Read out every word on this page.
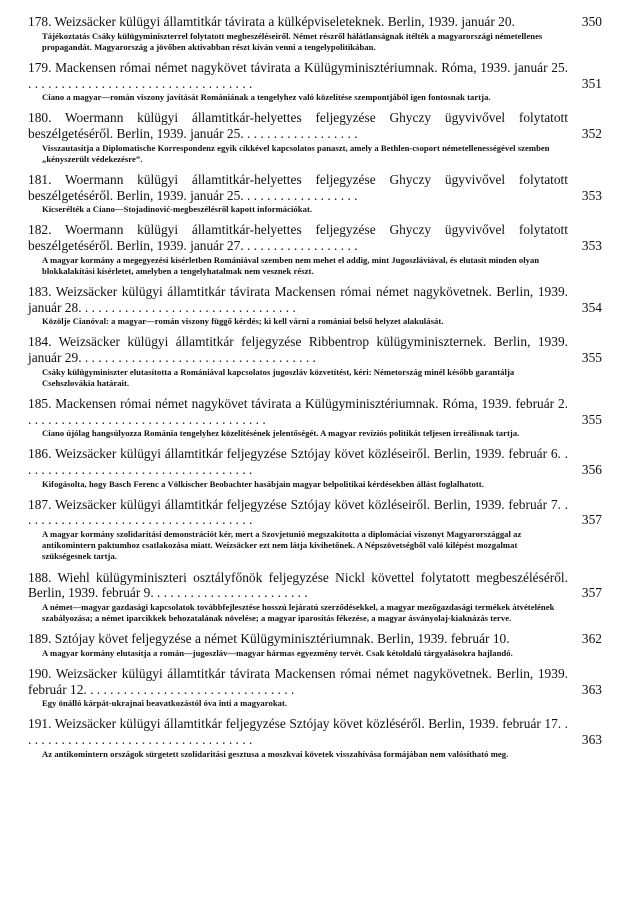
178. Weizsäcker külügyi államtitkár távirata a külképviseleteknek. Berlin, 1939. január 20.	350
Tájékoztatás Csáky külügyminiszterrel folytatott megbeszéléseiről. Német részről hálátlanságnak ítélték a magyarországi németellenes propagandát. Magyarország a jövőben aktivabban részt kíván venni a tengelypolitikában.
179. Mackensen római német nagykövet távirata a Külügyminisztériumnak. Róma, 1939. január 25. . . . . . . . . . . . . . . . . . . . . . . . . . . . . . . . . . .	351
Ciano a magyar—román viszony javítását Romániának a tengelyhez való közelítése szempontjából igen fontosnak tartja.
180. Woermann külügyi államtitkár-helyettes feljegyzése Ghyczy ügyvivővel folytatott beszélgetéséről. Berlin, 1939. január 25. . . . . . . . . . . . . . . . . .	352
Visszautasítja a Diplomatische Korrespondenz egyik cikkével kapcsolatos panaszt, amely a Bethlen-csoport németellenességével szemben „kényszerült védekezésre”.
181. Woermann külügyi államtitkár-helyettes feljegyzése Ghyczy ügyvivővel folytatott beszélgetéséről. Berlin, 1939. január 25. . . . . . . . . . . . . . . . . .	353
Kicserélték a Ciano—Stojadinović-megbeszélésről kapott információkat.
182. Woermann külügyi államtitkár-helyettes feljegyzése Ghyczy ügyvivővel folytatott beszélgetéséről. Berlin, 1939. január 27. . . . . . . . . . . . . . . . . .	353
A magyar kormány a megegyezési kísérletben Romániával szemben nem mehet el addig, mint Jugoszláviával, és elutasít minden olyan blokkalakítási kísérletet, amelyben a tengelyhatalmak nem vesznek részt.
183. Weizsäcker külügyi államtitkár távirata Mackensen római német nagykövetnek. Berlin, 1939. január 28. . . . . . . . . . . . . . . . . . . . . . . . . . . . . . . . .	354
Közölje Cianóval: a magyar—román viszony függő kérdés; ki kell várni a romániai belső helyzet alakulását.
184. Weizsäcker külügyi államtitkár feljegyzése Ribbentrop külügyminiszternek. Berlin, 1939. január 29. . . . . . . . . . . . . . . . . . . . . . . . . . . . . . . . . . . .	355
Csáky külügyminiszter elutasította a Romániával kapcsolatos jugoszláv közvetítést, kéri: Németország minél később garantálja Csehszlovákia határait.
185. Mackensen római német nagykövet távirata a Külügyminisztériumnak. Róma, 1939. február 2. . . . . . . . . . . . . . . . . . . . . . . . . . . . . . . . . . . . .	355
Ciano újólag hangsúlyozza Románia tengelyhez közelítésének jelentőségét. A magyar revíziós politikát teljesen irreálisnak tartja.
186. Weizsäcker külügyi államtitkár feljegyzése Sztójay követ közléseiről. Berlin, 1939. február 6. . . . . . . . . . . . . . . . . . . . . . . . . . . . . . . . . . . .	356
Kifogásolta, hogy Basch Ferenc a Völkischer Beobachter hasábjain magyar belpolitikai kérdésekben állást foglalhatott.
187. Weizsäcker külügyi államtitkár feljegyzése Sztójay követ közléseiről. Berlin, 1939. február 7. . . . . . . . . . . . . . . . . . . . . . . . . . . . . . . . . . . .	357
A magyar kormány szolidaritási demonstrációt kér, mert a Szovjetunió megszakította a diplomáciai viszonyt Magyarországgal az antikomintern paktumhoz csatlakozása miatt. Weizsäcker ezt nem látja kivihetőnek. A Népszövetségből való kilépést mozgalmat szükségesnek tartja.
188. Wiehl külügyminiszteri osztályfőnök feljegyzése Nickl követtel folytatott megbeszéléséről. Berlin, 1939. február 9. . . . . . . . . . . . . . . . . . . . . . . .	357
A német—magyar gazdasági kapcsolatok továbbfejlesztése hosszú lejáratú szerződésekkel, a magyar mezőgazdasági termékek átvételének szabályozása; a német iparcikkek behozatalának növelése; a magyar iparosítás fékezése, a magyar ásványolaj-kiaknázás terve.
189. Sztójay követ feljegyzése a német Külügyminisztériumnak. Berlin, 1939. február 10.	362
A magyar kormány elutasítja a román—jugoszláv—magyar hármas egyezmény tervét. Csak kétoldalú tárgyalásokra hajlandó.
190. Weizsäcker külügyi államtitkár távirata Mackensen római német nagykövetnek. Berlin, 1939. február 12. . . . . . . . . . . . . . . . . . . . . . . . . . . . . . . .	363
Egy önálló kárpát-ukrajnai beavatkozástól óva inti a magyarokat.
191. Weizsäcker külügyi államtitkár feljegyzése Sztójay követ közléséről. Berlin, 1939. február 17. . . . . . . . . . . . . . . . . . . . . . . . . . . . . . . . . . . .	363
Az antikomintern országok sürgetett szolidaritási gesztusa a moszkvai követek visszahívása formájában nem valósítható meg.
